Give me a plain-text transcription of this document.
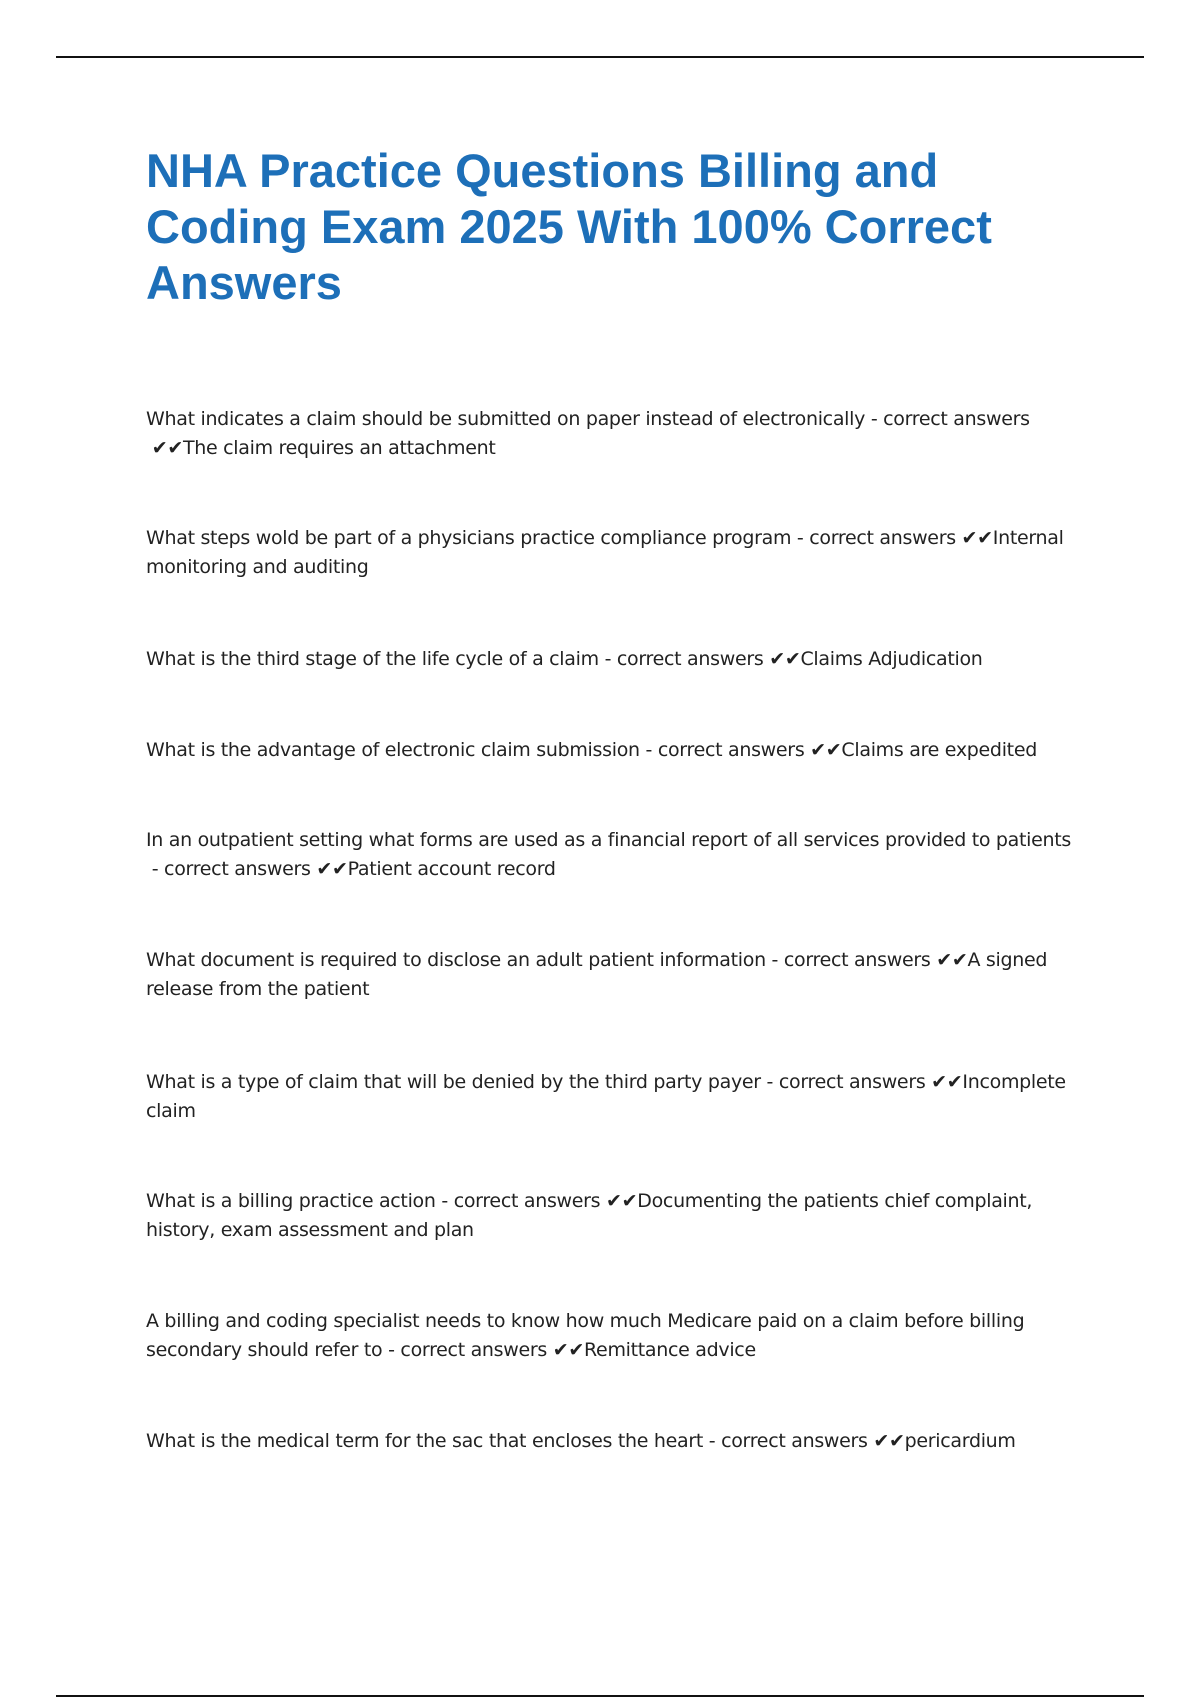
NHA Practice Questions Billing and Coding Exam 2025 With 100% Correct Answers

What indicates a claim should be submitted on paper instead of electronically - correct answers ✔✔The claim requires an attachment

What steps wold be part of a physicians practice compliance program - correct answers ✔✔Internal monitoring and auditing

What is the third stage of the life cycle of a claim - correct answers ✔✔Claims Adjudication

What is the advantage of electronic claim submission - correct answers ✔✔Claims are expedited

In an outpatient setting what forms are used as a financial report of all services provided to patients - correct answers ✔✔Patient account record

What document is required to disclose an adult patient information - correct answers ✔✔A signed release from the patient

What is a type of claim that will be denied by the third party payer - correct answers ✔✔Incomplete claim

What is a billing practice action - correct answers ✔✔Documenting the patients chief complaint, history, exam assessment and plan

A billing and coding specialist needs to know how much Medicare paid on a claim before billing secondary should refer to - correct answers ✔✔Remittance advice

What is the medical term for the sac that encloses the heart - correct answers ✔✔pericardium
